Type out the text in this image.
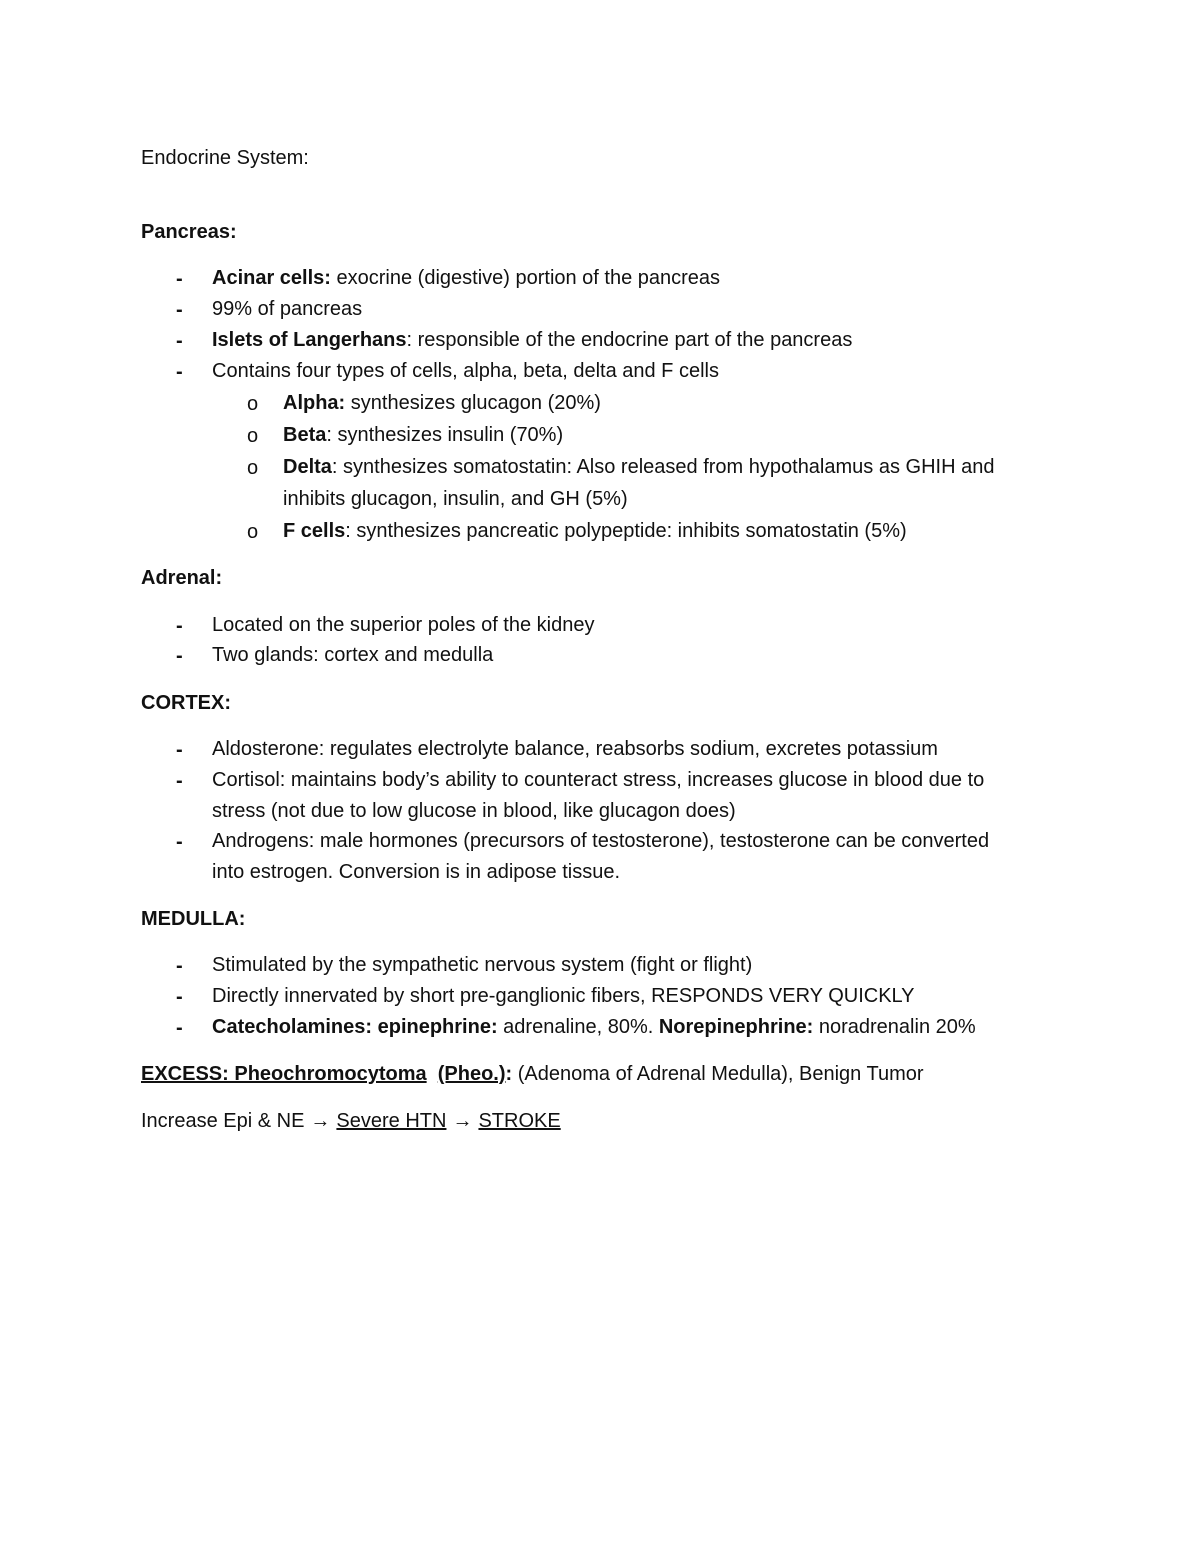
Endocrine System:
Pancreas:
- Acinar cells: exocrine (digestive) portion of the pancreas
- 99% of pancreas
- Islets of Langerhans: responsible of the endocrine part of the pancreas
- Contains four types of cells, alpha, beta, delta and F cells
o Alpha: synthesizes glucagon (20%)
o Beta: synthesizes insulin (70%)
o Delta: synthesizes somatostatin: Also released from hypothalamus as GHIH and
inhibits glucagon, insulin, and GH (5%)
o F cells: synthesizes pancreatic polypeptide: inhibits somatostatin (5%)
Adrenal:
- Located on the superior poles of the kidney
- Two glands: cortex and medulla
CORTEX:
- Aldosterone: regulates electrolyte balance, reabsorbs sodium, excretes potassium
- Cortisol: maintains body’s ability to counteract stress, increases glucose in blood due to
stress (not due to low glucose in blood, like glucagon does)
- Androgens: male hormones (precursors of testosterone), testosterone can be converted
into estrogen. Conversion is in adipose tissue.
MEDULLA:
- Stimulated by the sympathetic nervous system (fight or flight)
- Directly innervated by short pre-ganglionic fibers, RESPONDS VERY QUICKLY
- Catecholamines: epinephrine: adrenaline, 80%. Norepinephrine: noradrenalin 20%
EXCESS: Pheochromocytoma (Pheo.): (Adenoma of Adrenal Medulla), Benign Tumor
Increase Epi & NE → Severe HTN → STROKE
